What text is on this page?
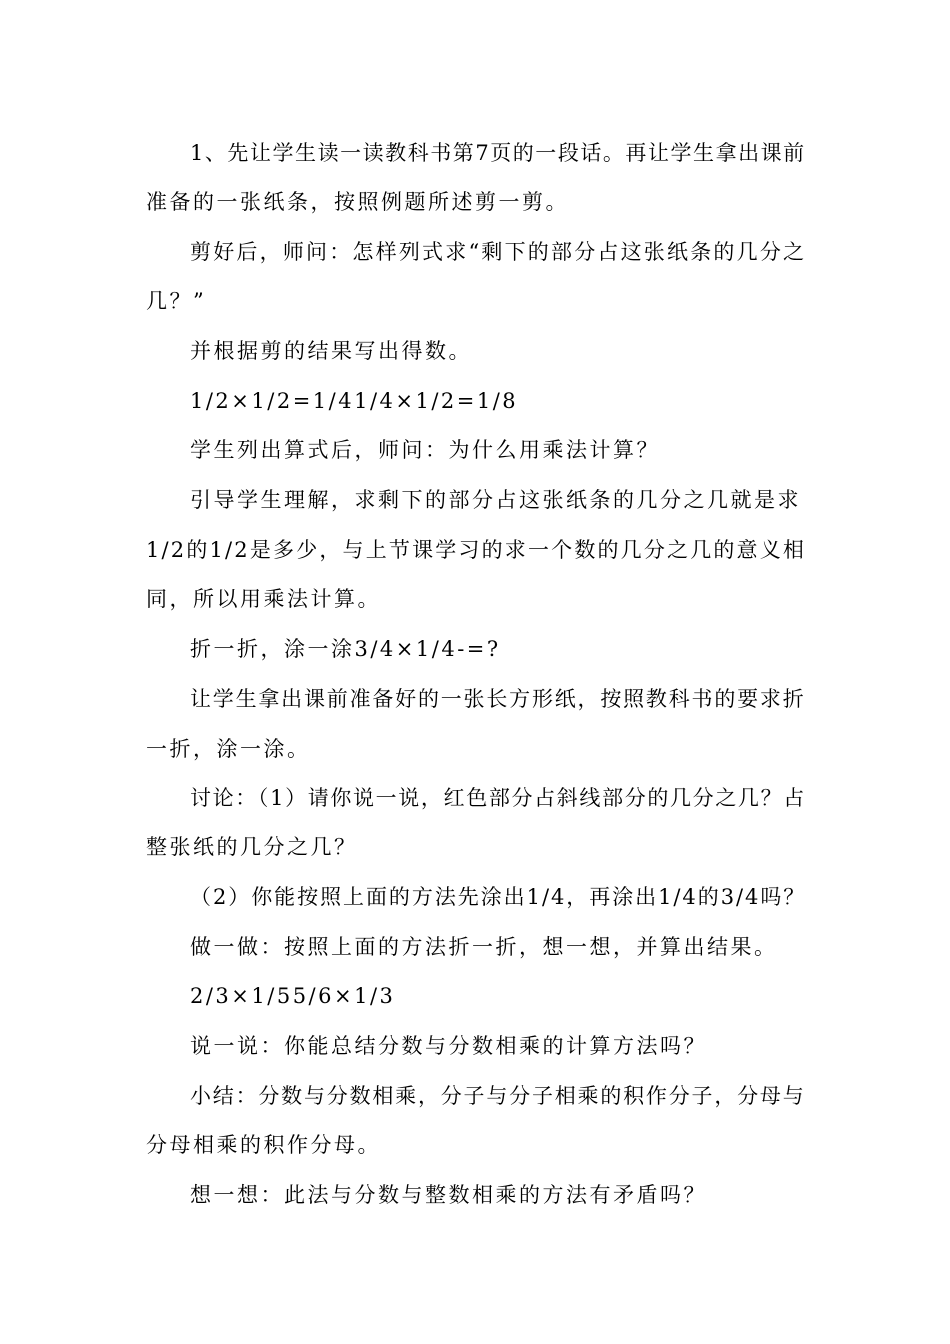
1、先让学生读一读教科书第7页的一段话。再让学生拿出课前
准备的一张纸条，按照例题所述剪一剪。
剪好后，师问：怎样列式求“剩下的部分占这张纸条的几分之
几？”
并根据剪的结果写出得数。
1/2×1/2=1/41/4×1/2=1/8
学生列出算式后，师问：为什么用乘法计算？
引导学生理解，求剩下的部分占这张纸条的几分之几就是求
1/2的1/2是多少，与上节课学习的求一个数的几分之几的意义相
同，所以用乘法计算。
折一折，涂一涂3/4×1/4-=?
让学生拿出课前准备好的一张长方形纸，按照教科书的要求折
一折，涂一涂。
讨论：（1）请你说一说，红色部分占斜线部分的几分之几？占
整张纸的几分之几？
（2）你能按照上面的方法先涂出1/4，再涂出1/4的3/4吗？
做一做：按照上面的方法折一折，想一想，并算出结果。
2/3×1/55/6×1/3
说一说：你能总结分数与分数相乘的计算方法吗？
小结：分数与分数相乘，分子与分子相乘的积作分子，分母与
分母相乘的积作分母。
想一想：此法与分数与整数相乘的方法有矛盾吗？
